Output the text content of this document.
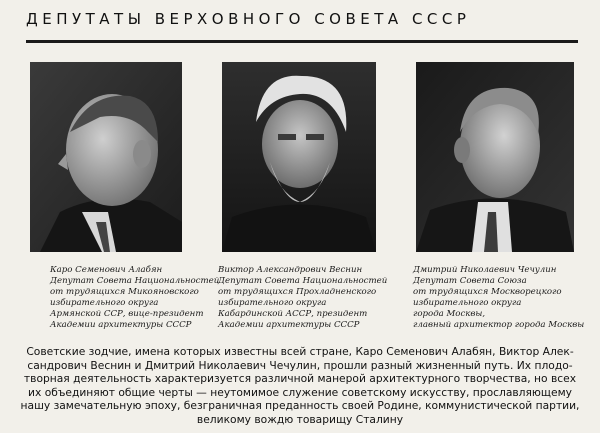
ДЕПУТАТЫ ВЕРХОВНОГО СОВЕТА СССР
Каро Семенович Алабян
Депутат Совета Национальностей
от трудящихся Микояновского
избирательного округа
Армянской ССР, вице-президент
Академии архитектуры СССР
Виктор Александрович Веснин
Депутат Совета Национальностей
от трудящихся Прохладненского
избирательного округа
Кабардинской АССР, президент
Академии архитектуры СССР
Дмитрий Николаевич Чечулин
Депутат Совета Союза
от трудящихся Москворецкого
избирательного округа
города Москвы,
главный архитектор города Москвы
Советские зодчие, имена которых известны всей стране, Каро Семенович Алабян, Виктор Алек-
сандрович Веснин и Дмитрий Николаевич Чечулин, прошли разный жизненный путь. Их плодо-
творная деятельность характеризуется различной манерой архитектурного творчества, но всех
их объединяют общие черты — неутомимое служение советскому искусству, прославляющему
нашу замечательную эпоху, безграничная преданность своей Родине, коммунистической партии,
великому вождю товарищу Сталину
